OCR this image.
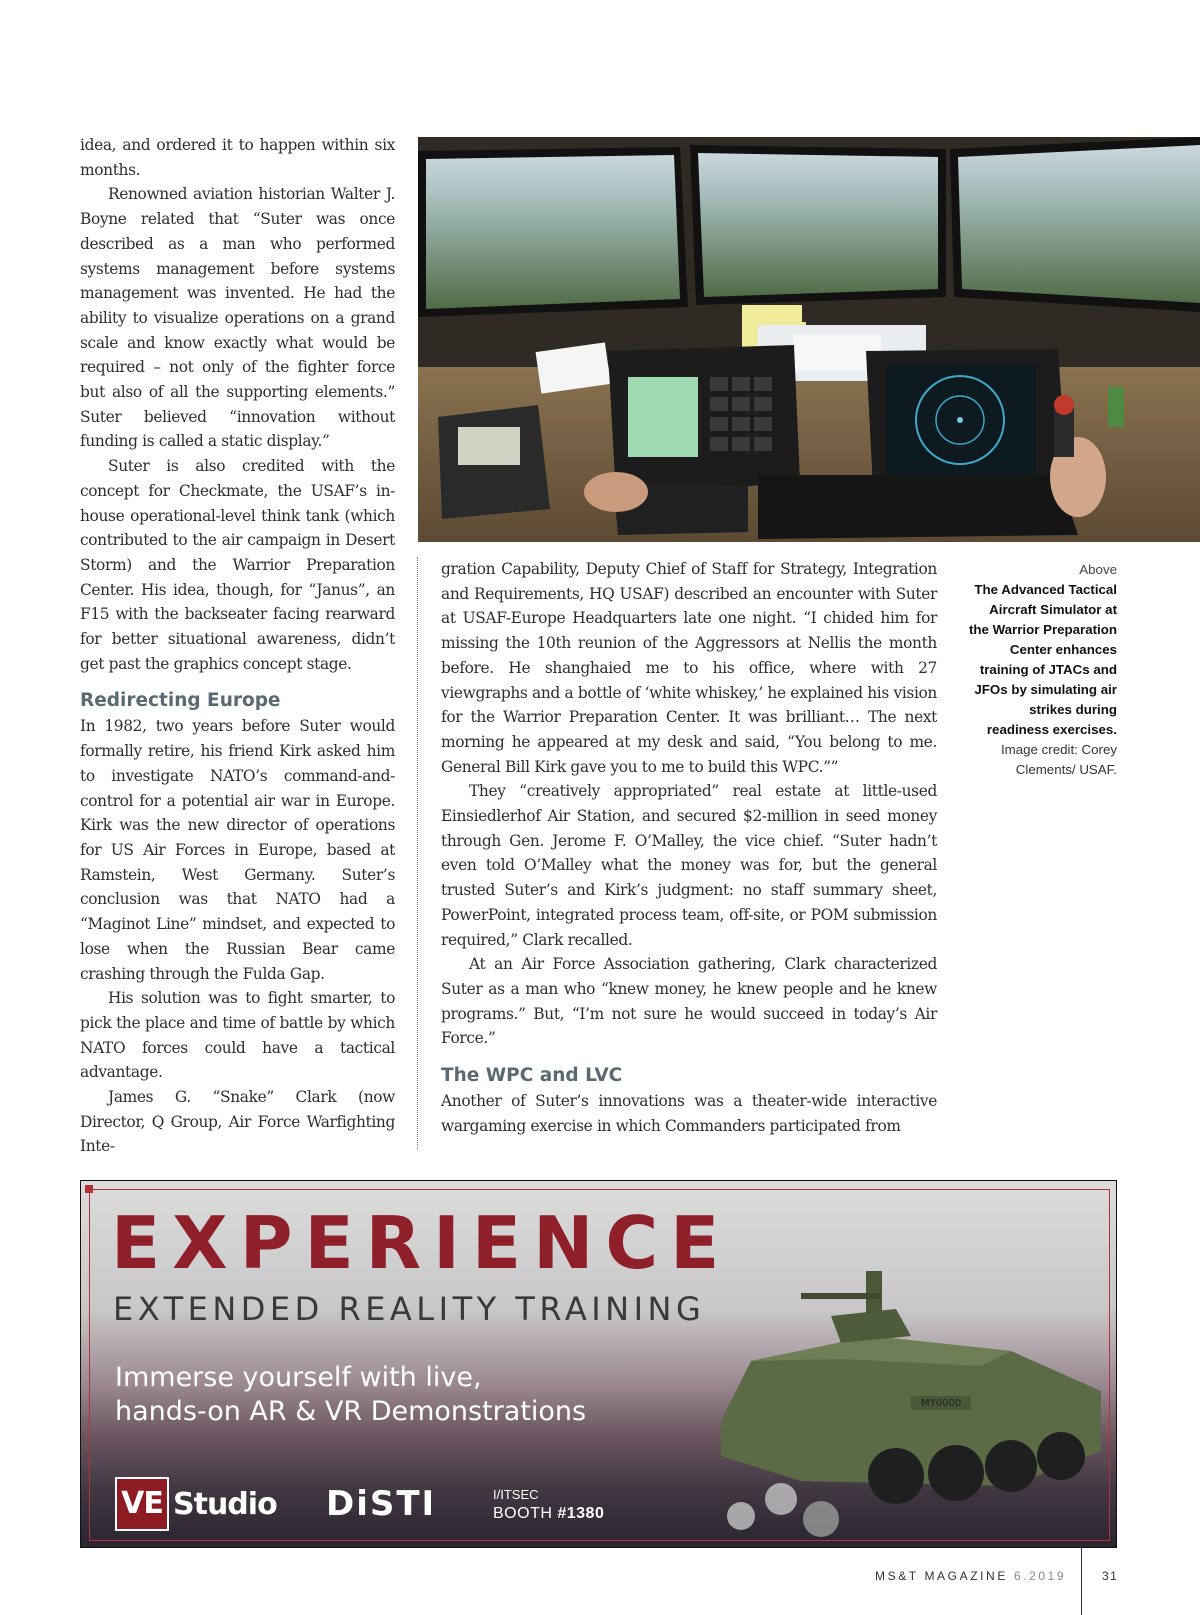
idea, and ordered it to happen within six months.

Renowned aviation historian Walter J. Boyne related that “Suter was once described as a man who performed systems management before systems management was invented. He had the ability to visualize operations on a grand scale and know exactly what would be required – not only of the fighter force but also of all the supporting elements.” Suter believed “innovation without funding is called a static display.”

Suter is also credited with the concept for Checkmate, the USAF’s in-house operational-level think tank (which contributed to the air campaign in Desert Storm) and the Warrior Preparation Center. His idea, though, for “Janus”, an F15 with the backseater facing rearward for better situational awareness, didn’t get past the graphics concept stage.

Redirecting Europe

In 1982, two years before Suter would formally retire, his friend Kirk asked him to investigate NATO’s command-and-control for a potential air war in Europe. Kirk was the new director of operations for US Air Forces in Europe, based at Ramstein, West Germany. Suter’s conclusion was that NATO had a “Maginot Line” mindset, and expected to lose when the Russian Bear came crashing through the Fulda Gap.

His solution was to fight smarter, to pick the place and time of battle by which NATO forces could have a tactical advantage.

James G. “Snake” Clark (now Director, Q Group, Air Force Warfighting Inte-

gration Capability, Deputy Chief of Staff for Strategy, Integration and Requirements, HQ USAF) described an encounter with Suter at USAF-Europe Headquarters late one night. “I chided him for missing the 10th reunion of the Aggressors at Nellis the month before. He shanghaied me to his office, where with 27 viewgraphs and a bottle of ‘white whiskey,’ he explained his vision for the Warrior Preparation Center. It was brilliant… The next morning he appeared at my desk and said, “You belong to me. General Bill Kirk gave you to me to build this WPC.””

They “creatively appropriated” real estate at little-used Einsiedlerhof Air Station, and secured $2-million in seed money through Gen. Jerome F. O’Malley, the vice chief. “Suter hadn’t even told O’Malley what the money was for, but the general trusted Suter’s and Kirk’s judgment: no staff summary sheet, PowerPoint, integrated process team, off-site, or POM submission required,” Clark recalled.

At an Air Force Association gathering, Clark characterized Suter as a man who “knew money, he knew people and he knew programs.” But, “I’m not sure he would succeed in today’s Air Force.”

The WPC and LVC

Another of Suter’s innovations was a theater-wide interactive wargaming exercise in which Commanders participated from

Above
The Advanced Tactical Aircraft Simulator at the Warrior Preparation Center enhances training of JTACs and JFOs by simulating air strikes during readiness exercises.
Image credit: Corey Clements/ USAF.
EXPERIENCE
EXTENDED REALITY TRAINING
Immerse yourself with live,
hands-on AR & VR Demonstrations	MY0000
VE Studio DiSTI	I/ITSEC
BOOTH #1380
MS&T MAGAZINE 6.2019	31
